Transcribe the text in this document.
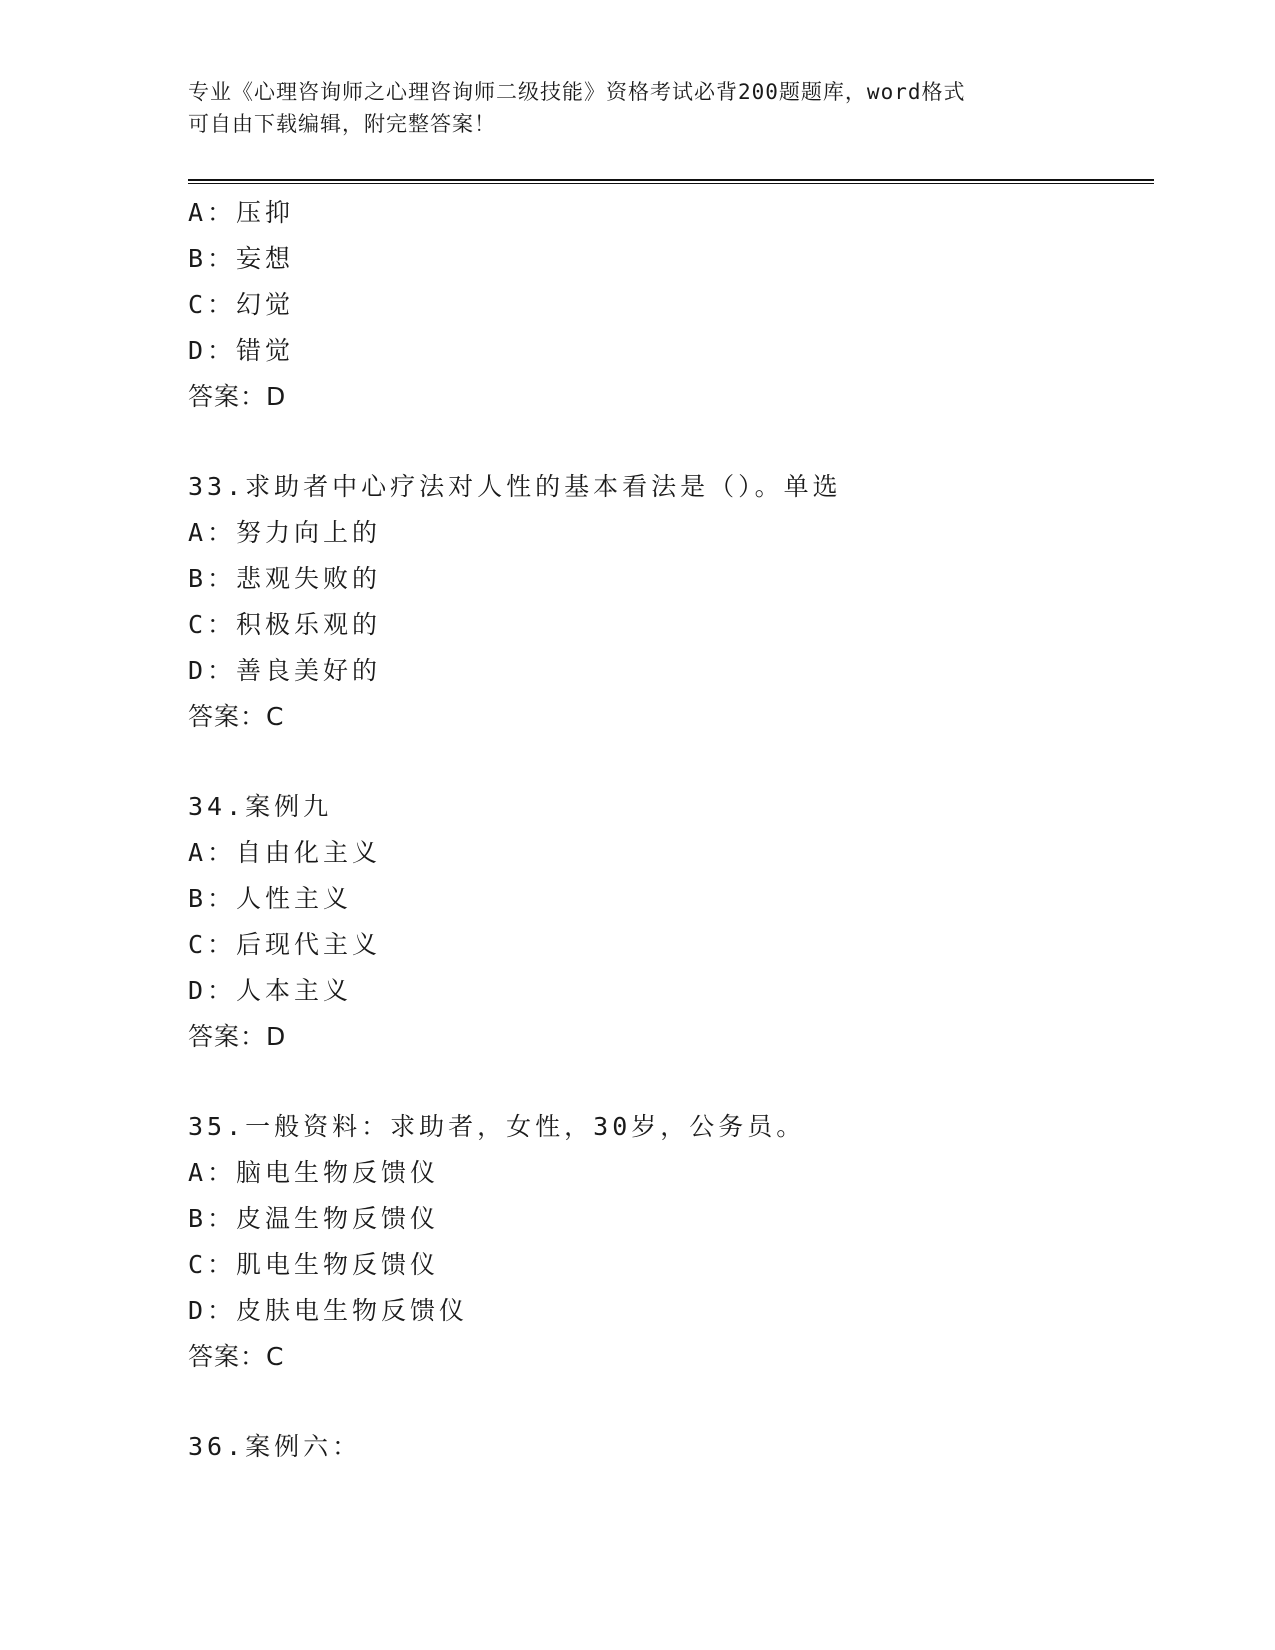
专业《心理咨询师之心理咨询师二级技能》资格考试必背200题题库，word格式
可自由下载编辑，附完整答案！
A：压抑
B：妄想
C：幻觉
D：错觉
答案：D
33.求助者中心疗法对人性的基本看法是（）。单选
A：努力向上的
B：悲观失败的
C：积极乐观的
D：善良美好的
答案：C
34.案例九
A：自由化主义
B：人性主义
C：后现代主义
D：人本主义
答案：D
35.一般资料：求助者，女性，30岁，公务员。
A：脑电生物反馈仪
B：皮温生物反馈仪
C：肌电生物反馈仪
D：皮肤电生物反馈仪
答案：C
36.案例六：
